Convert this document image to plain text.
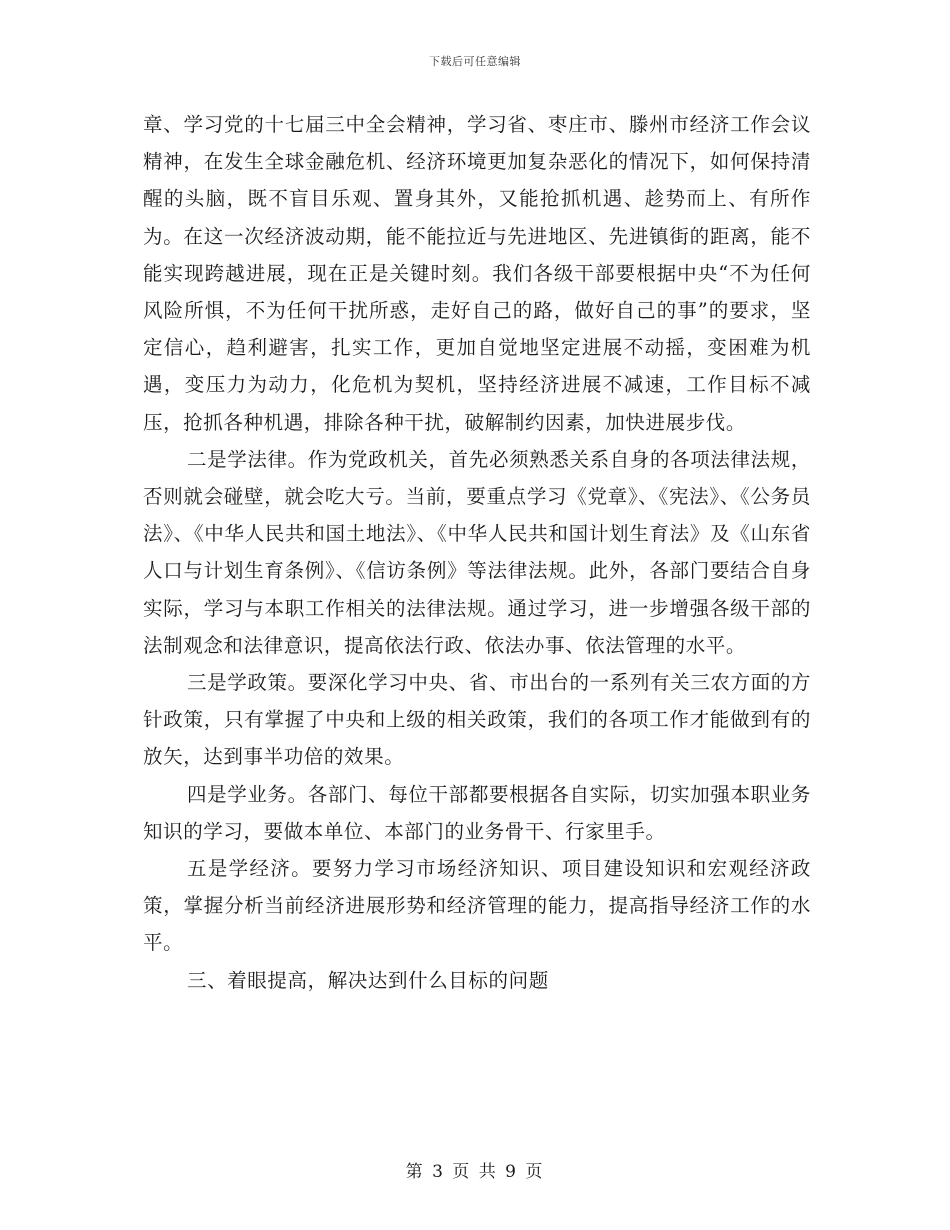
下载后可任意编辑

章、学习党的十七届三中全会精神，学习省、枣庄市、滕州市经济工作会议精神，在发生全球金融危机、经济环境更加复杂恶化的情况下，如何保持清醒的头脑，既不盲目乐观、置身其外，又能抢抓机遇、趁势而上、有所作为。在这一次经济波动期，能不能拉近与先进地区、先进镇街的距离，能不能实现跨越进展，现在正是关键时刻。我们各级干部要根据中央“不为任何风险所惧，不为任何干扰所惑，走好自己的路，做好自己的事”的要求，坚定信心，趋利避害，扎实工作，更加自觉地坚定进展不动摇，变困难为机遇，变压力为动力，化危机为契机，坚持经济进展不减速，工作目标不减压，抢抓各种机遇，排除各种干扰，破解制约因素，加快进展步伐。

二是学法律。作为党政机关，首先必须熟悉关系自身的各项法律法规，否则就会碰壁，就会吃大亏。当前，要重点学习《党章》、《宪法》、《公务员法》、《中华人民共和国土地法》、《中华人民共和国计划生育法》及《山东省人口与计划生育条例》、《信访条例》等法律法规。此外，各部门要结合自身实际，学习与本职工作相关的法律法规。通过学习，进一步增强各级干部的法制观念和法律意识，提高依法行政、依法办事、依法管理的水平。

三是学政策。要深化学习中央、省、市出台的一系列有关三农方面的方针政策，只有掌握了中央和上级的相关政策，我们的各项工作才能做到有的放矢，达到事半功倍的效果。

四是学业务。各部门、每位干部都要根据各自实际，切实加强本职业务知识的学习，要做本单位、本部门的业务骨干、行家里手。

五是学经济。要努力学习市场经济知识、项目建设知识和宏观经济政策，掌握分析当前经济进展形势和经济管理的能力，提高指导经济工作的水平。

三、着眼提高，解决达到什么目标的问题

第 3 页 共 9 页
